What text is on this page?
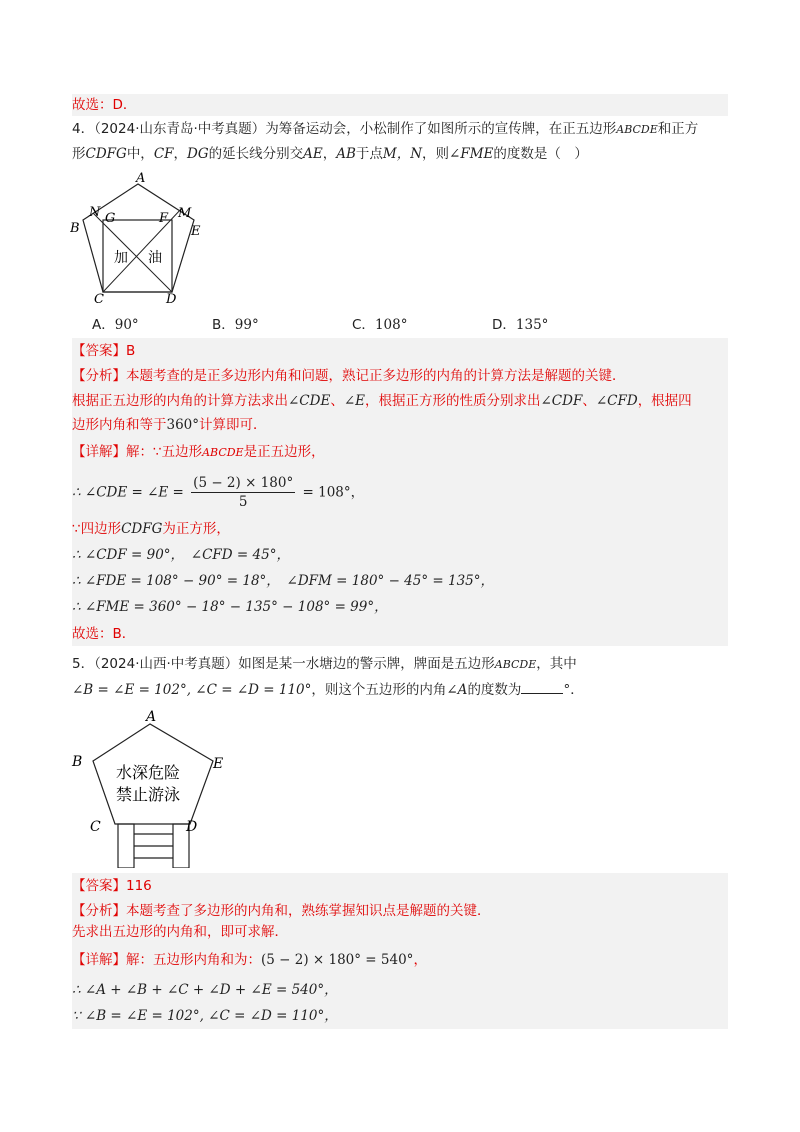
故选：D．
4．（2024·山东青岛·中考真题）为筹备运动会，小松制作了如图所示的宣传牌，在正五边形ABCDE和正方
形CDFG中，CF，DG的延长线分别交AE，AB于点M，N，则∠FME的度数是（　）
A
B
C	D
E
F
G	M
N
加 油
A．90°	B．99°	C．108°	D．135°
【答案】B
【分析】本题考查的是正多边形内角和问题，熟记正多边形的内角的计算方法是解题的关键．
根据正五边形的内角的计算方法求出∠CDE、∠E，根据正方形的性质分别求出∠CDF、∠CFD，根据四
边形内角和等于360°计算即可．
【详解】解：∵五边形ABCDE是正五边形，
∴ ∠CDE = ∠E = $\frac{(5 - 2) \times 180^\circ}{5} = 108^\circ$，
∵四边形CDFG为正方形，
∴ ∠CDF = 90°，　∠CFD = 45°，
∴ ∠FDE = 108° − 90° = 18°，　∠DFM = 180° − 45° = 135°，
∴ ∠FME = 360° − 18° − 135° − 108° = 99°，
故选：B．
5．（2024·山西·中考真题）如图是某一水塘边的警示牌，牌面是五边形ABCDE，其中
∠B = ∠E = 102°, ∠C = ∠D = 110°，则这个五边形的内角∠A的度数为	°．
A
B
C	D
E
水深危险
禁止游泳
【答案】116
【分析】本题考查了多边形的内角和，熟练掌握知识点是解题的关键．
先求出五边形的内角和，即可求解．
【详解】解：五边形内角和为：(5 − 2) × 180° = 540°，
∴ ∠A + ∠B + ∠C + ∠D + ∠E = 540°，
∵ ∠B = ∠E = 102°, ∠C = ∠D = 110°，
